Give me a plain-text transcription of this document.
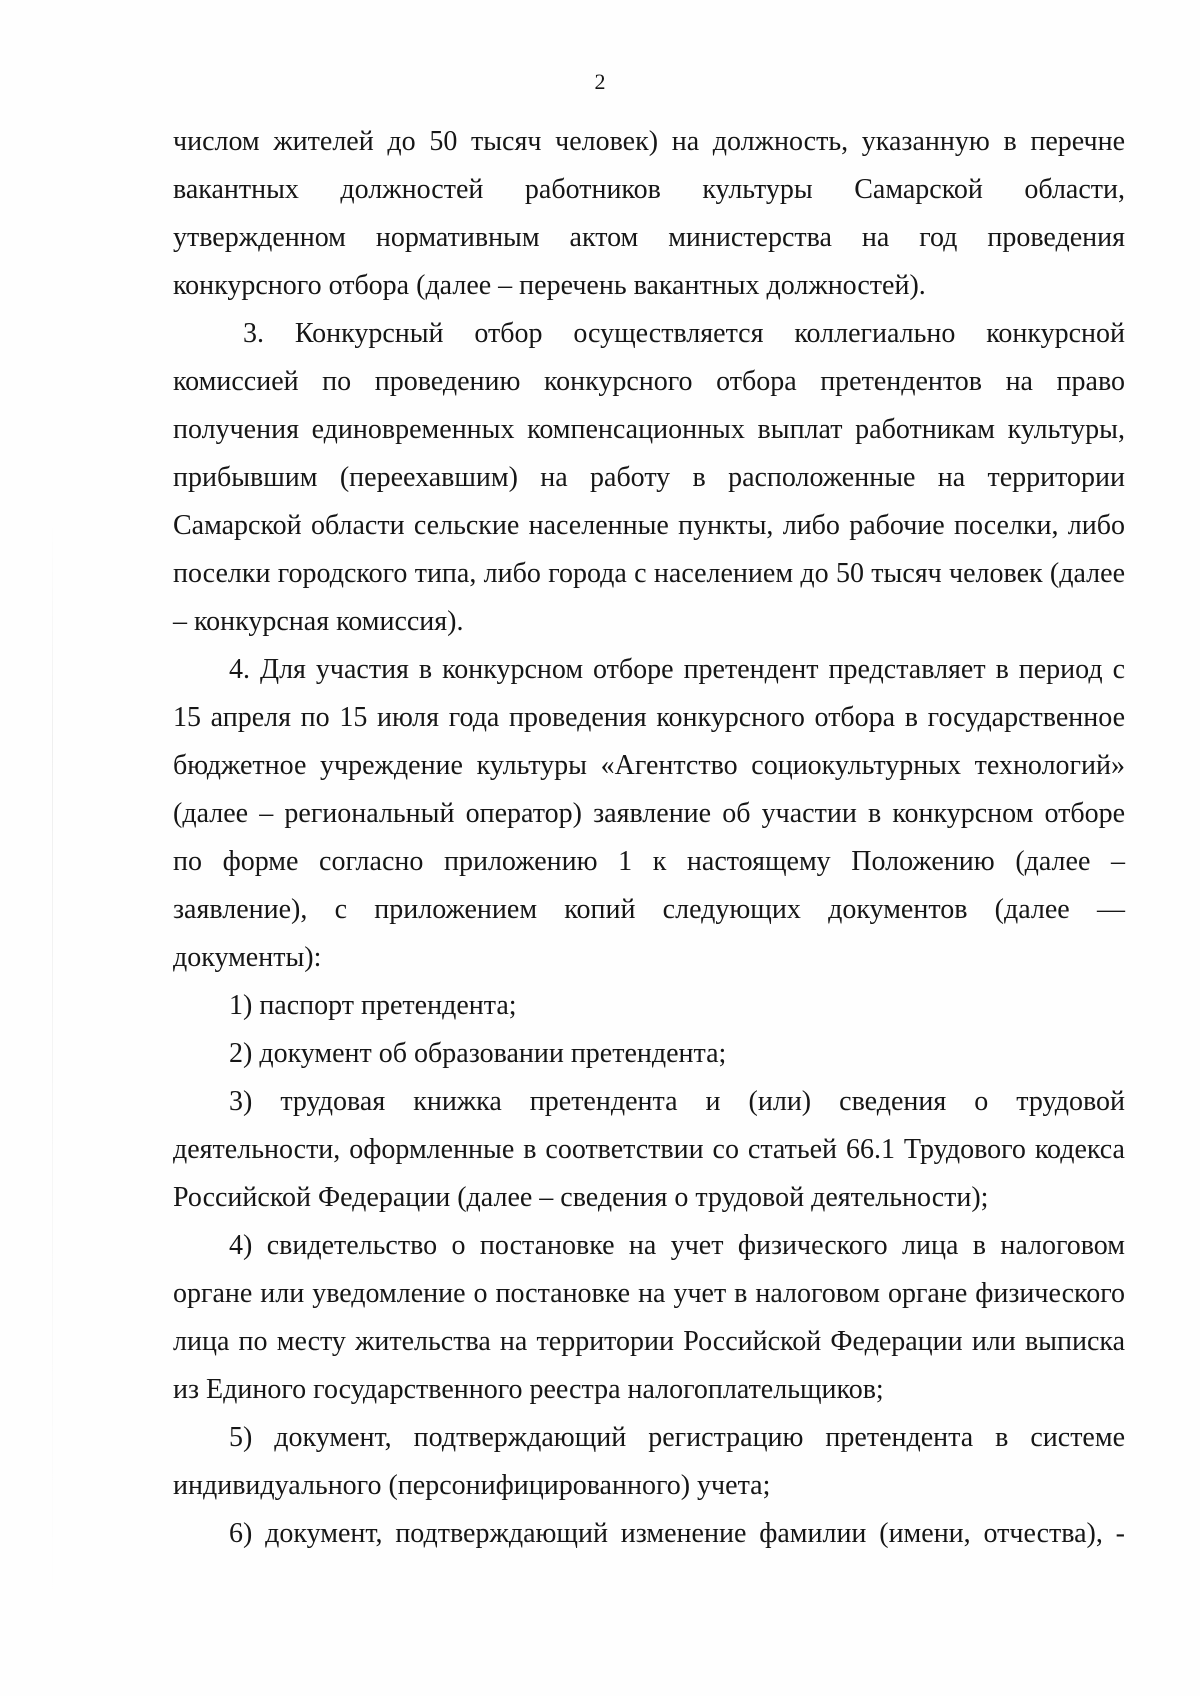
2
числом жителей до 50 тысяч человек) на должность, указанную в перечне
вакантных должностей работников культуры Самарской области,
утвержденном нормативным актом министерства на год проведения
конкурсного отбора (далее – перечень вакантных должностей).
3. Конкурсный отбор осуществляется коллегиально конкурсной
комиссией по проведению конкурсного отбора претендентов на право
получения единовременных компенсационных выплат работникам культуры,
прибывшим (переехавшим) на работу в расположенные на территории
Самарской области сельские населенные пункты, либо рабочие поселки, либо
поселки городского типа, либо города с населением до 50 тысяч человек (далее
– конкурсная комиссия).
4. Для участия в конкурсном отборе претендент представляет в период с
15 апреля по 15 июля года проведения конкурсного отбора в государственное
бюджетное учреждение культуры «Агентство социокультурных технологий»
(далее – региональный оператор) заявление об участии в конкурсном отборе
по форме согласно приложению 1 к настоящему Положению (далее –
заявление), с приложением копий следующих документов (далее —
документы):
1) паспорт претендента;
2) документ об образовании претендента;
3) трудовая книжка претендента и (или) сведения о трудовой
деятельности, оформленные в соответствии со статьей 66.1 Трудового кодекса
Российской Федерации (далее – сведения о трудовой деятельности);
4) свидетельство о постановке на учет физического лица в налоговом
органе или уведомление о постановке на учет в налоговом органе физического
лица по месту жительства на территории Российской Федерации или выписка
из Единого государственного реестра налогоплательщиков;
5) документ, подтверждающий регистрацию претендента в системе
индивидуального (персонифицированного) учета;
6) документ, подтверждающий изменение фамилии (имени, отчества), -
